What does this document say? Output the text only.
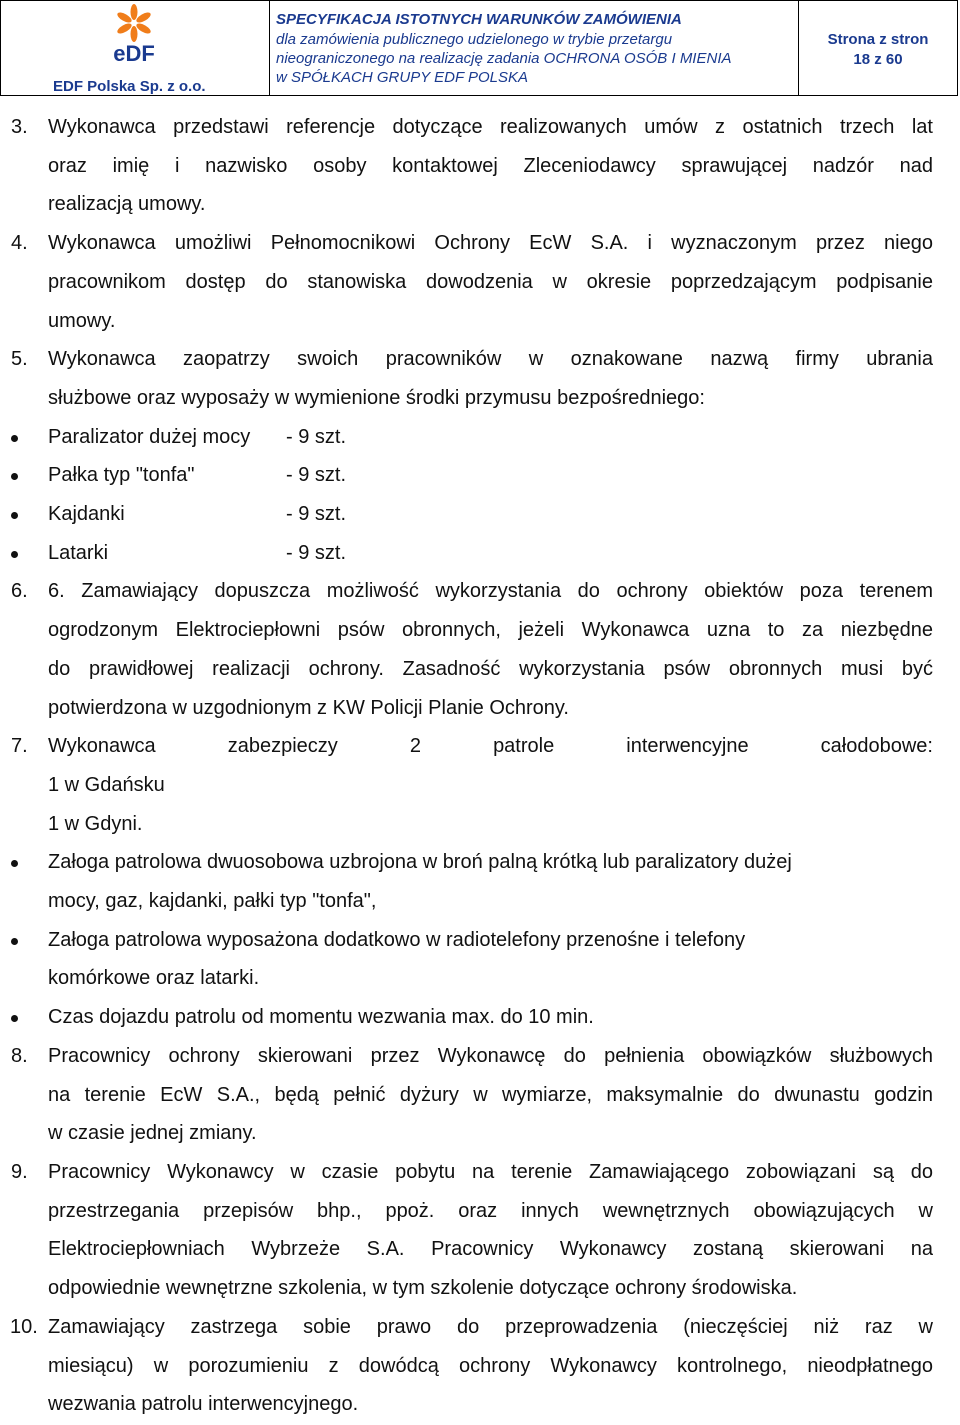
eDF
EDF Polska Sp. z o.o.
SPECYFIKACJA ISTOTNYCH WARUNKÓW ZAMÓWIENIA
dla zamówienia publicznego udzielonego w trybie przetargu
nieograniczonego na realizację zadania OCHRONA OSÓB I MIENIA
w SPÓŁKACH GRUPY EDF POLSKA
Strona z stron
18 z 60
3. Wykonawca przedstawi referencje dotyczące realizowanych umów z ostatnich trzech lat
oraz imię i nazwisko osoby kontaktowej Zleceniodawcy sprawującej nadzór nad
realizacją umowy.
4. Wykonawca umożliwi Pełnomocnikowi Ochrony EcW S.A. i wyznaczonym przez niego
pracownikom dostęp do stanowiska dowodzenia w okresie poprzedzającym podpisanie
umowy.
5. Wykonawca zaopatrzy swoich pracowników w oznakowane nazwą firmy ubrania
służbowe oraz wyposaży w wymienione środki przymusu bezpośredniego:
Paralizator dużej mocy - 9 szt.
Pałka typ "tonfa"	- 9 szt.
Kajdanki	- 9 szt.
Latarki	- 9 szt.
6. 6. Zamawiający dopuszcza możliwość wykorzystania do ochrony obiektów poza terenem
ogrodzonym Elektrociepłowni psów obronnych, jeżeli Wykonawca uzna to za niezbędne
do prawidłowej realizacji ochrony. Zasadność wykorzystania psów obronnych musi być
potwierdzona w uzgodnionym z KW Policji Planie Ochrony.
7. Wykonawca	zabezpieczy	2	patrole	interwencyjne	całodobowe:
1 w Gdańsku
1 w Gdyni.
Załoga patrolowa dwuosobowa uzbrojona w broń palną krótką lub paralizatory dużej
mocy, gaz, kajdanki, pałki typ "tonfa",
Załoga patrolowa wyposażona dodatkowo w radiotelefony przenośne i telefony
komórkowe oraz latarki.
Czas dojazdu patrolu od momentu wezwania max. do 10 min.
8. Pracownicy ochrony skierowani przez Wykonawcę do pełnienia obowiązków służbowych
na terenie EcW S.A., będą pełnić dyżury w wymiarze, maksymalnie do dwunastu godzin
w czasie jednej zmiany.
9. Pracownicy Wykonawcy w czasie pobytu na terenie Zamawiającego zobowiązani są do
przestrzegania przepisów bhp., ppoż. oraz innych wewnętrznych obowiązujących w
Elektrociepłowniach Wybrzeże S.A. Pracownicy Wykonawcy zostaną skierowani na
odpowiednie wewnętrzne szkolenia, w tym szkolenie dotyczące ochrony środowiska.
10. Zamawiający zastrzega sobie prawo do przeprowadzenia (nieczęściej niż raz w
miesiącu) w porozumieniu z dowódcą ochrony Wykonawcy kontrolnego, nieodpłatnego
wezwania patrolu interwencyjnego.
